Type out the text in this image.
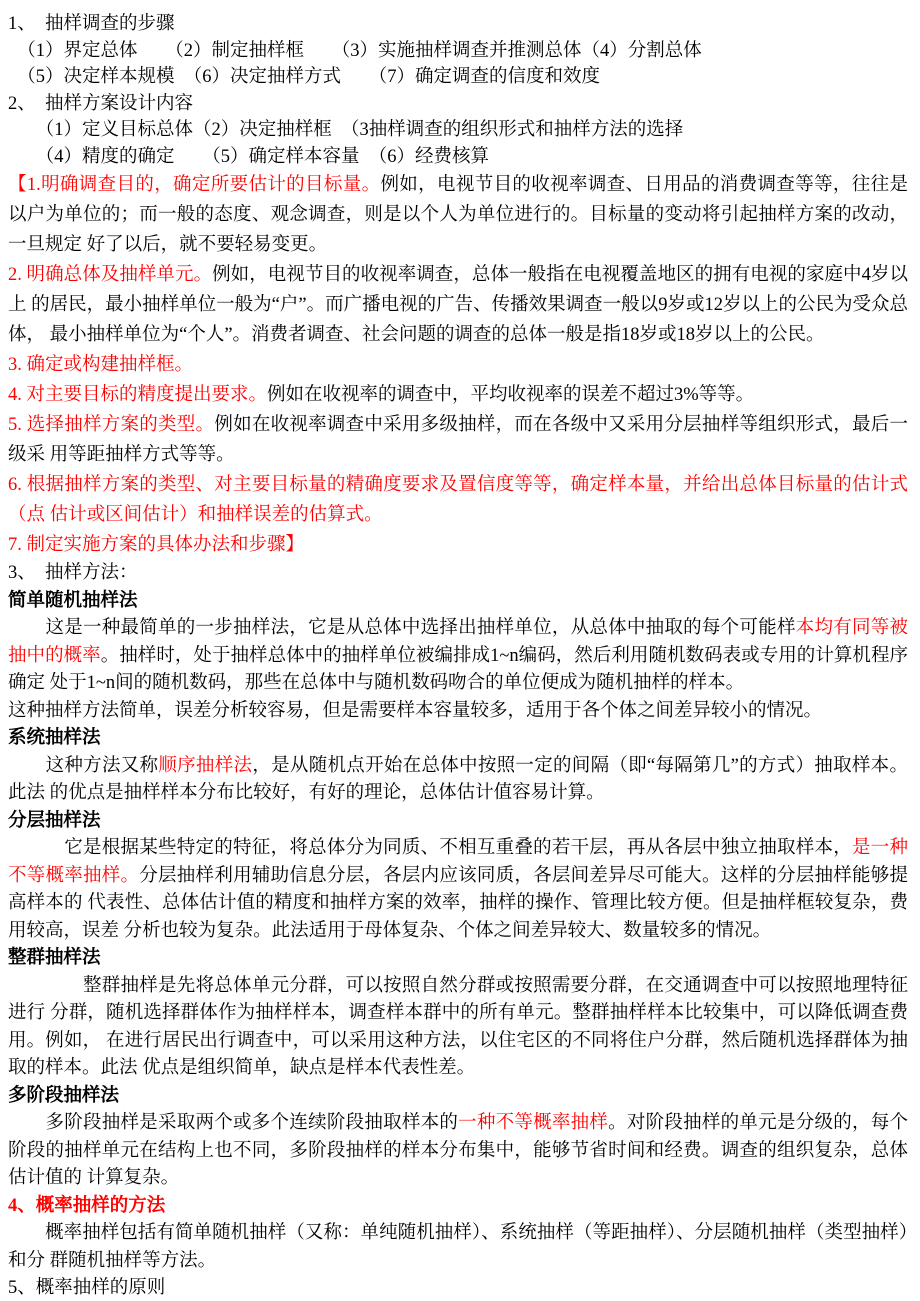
1、　抽样调查的步骤

　（1）界定总体　　（2）制定抽样框　　（3）实施抽样调查并推测总体（4）分割总体

　（5）决定样本规模　（6）决定抽样方式　　（7）确定调查的信度和效度

2、　抽样方案设计内容

　　（1）定义目标总体（2）决定抽样框　（3抽样调查的组织形式和抽样方法的选择

　　（4）精度的确定　　（5）确定样本容量　（6）经费核算

【1.明确调查目的，确定所要估计的目标量。例如，电视节目的收视率调查、日用品的消费调查等等，往往是以户为单位的；而一般的态度、观念调查，则是以个人为单位进行的。目标量的变动将引起抽样方案的改动，一旦规定 好了以后，就不要轻易变更。

2. 明确总体及抽样单元。例如，电视节目的收视率调查，总体一般指在电视覆盖地区的拥有电视的家庭中4岁以上 的居民，最小抽样单位一般为“户”。而广播电视的广告、传播效果调查一般以9岁或12岁以上的公民为受众总体， 最小抽样单位为“个人”。消费者调查、社会问题的调查的总体一般是指18岁或18岁以上的公民。

3. 确定或构建抽样框。

4. 对主要目标的精度提出要求。例如在收视率的调查中，平均收视率的误差不超过3%等等。

5. 选择抽样方案的类型。例如在收视率调查中采用多级抽样，而在各级中又采用分层抽样等组织形式，最后一级采 用等距抽样方式等等。

6. 根据抽样方案的类型、对主要目标量的精确度要求及置信度等等，确定样本量，并给出总体目标量的估计式（点 估计或区间估计）和抽样误差的估算式。

7. 制定实施方案的具体办法和步骤】

3、　抽样方法：

简单随机抽样法

　　这是一种最简单的一步抽样法，它是从总体中选择出抽样单位，从总体中抽取的每个可能样本均有同等被抽中的概率。抽样时，处于抽样总体中的抽样单位被编排成1~n编码，然后利用随机数码表或专用的计算机程序确定 处于1~n间的随机数码，那些在总体中与随机数码吻合的单位便成为随机抽样的样本。

这种抽样方法简单，误差分析较容易，但是需要样本容量较多，适用于各个体之间差异较小的情况。

系统抽样法

　　这种方法又称顺序抽样法，是从随机点开始在总体中按照一定的间隔（即“每隔第几”的方式）抽取样本。此法 的优点是抽样样本分布比较好，有好的理论，总体估计值容易计算。

分层抽样法

　　　它是根据某些特定的特征，将总体分为同质、不相互重叠的若干层，再从各层中独立抽取样本，是一种不等概率抽样。分层抽样利用辅助信息分层，各层内应该同质，各层间差异尽可能大。这样的分层抽样能够提高样本的 代表性、总体估计值的精度和抽样方案的效率，抽样的操作、管理比较方便。但是抽样框较复杂，费用较高，误差 分析也较为复杂。此法适用于母体复杂、个体之间差异较大、数量较多的情况。

整群抽样法

　　　　整群抽样是先将总体单元分群，可以按照自然分群或按照需要分群，在交通调查中可以按照地理特征进行 分群，随机选择群体作为抽样样本，调查样本群中的所有单元。整群抽样样本比较集中，可以降低调查费用。例如， 在进行居民出行调查中，可以采用这种方法，以住宅区的不同将住户分群，然后随机选择群体为抽取的样本。此法 优点是组织简单，缺点是样本代表性差。

多阶段抽样法

　　多阶段抽样是采取两个或多个连续阶段抽取样本的一种不等概率抽样。对阶段抽样的单元是分级的，每个阶段的抽样单元在结构上也不同，多阶段抽样的样本分布集中，能够节省时间和经费。调查的组织复杂，总体估计值的 计算复杂。

4、概率抽样的方法

　　概率抽样包括有简单随机抽样（又称：单纯随机抽样）、系统抽样（等距抽样）、分层随机抽样（类型抽样）和分 群随机抽样等方法。

5、概率抽样的原则
